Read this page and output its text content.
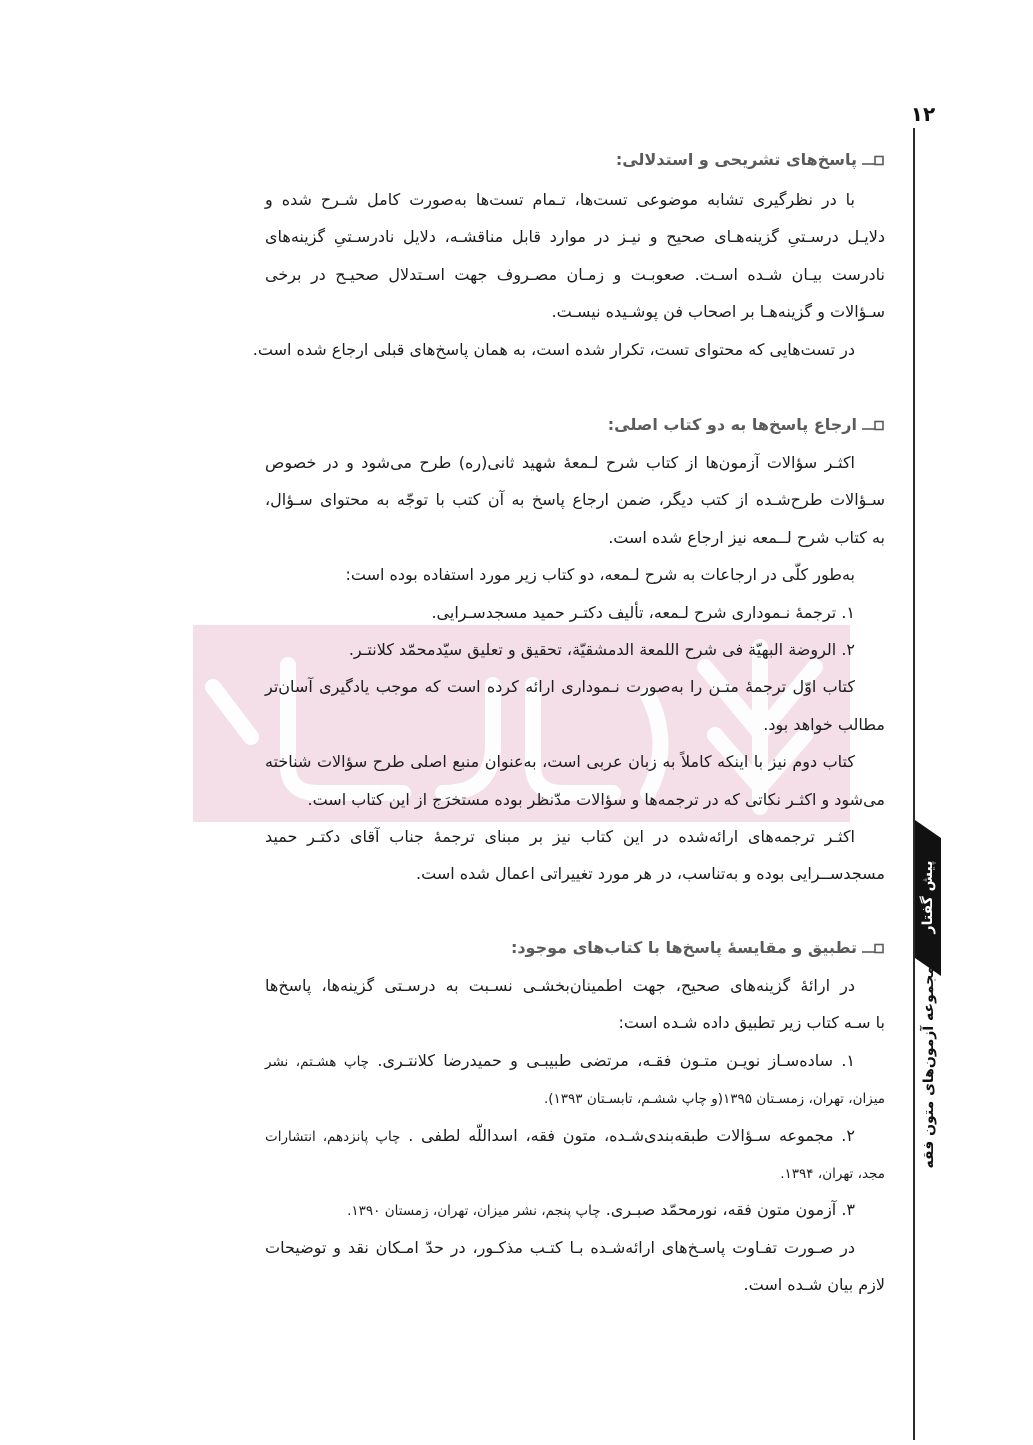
۱۲
پیش گفتار
مجموعه آزمون‌های متون فقه
پاسخ‌های تشریحی و استدلالی:
با در نظرگیری تشابه موضوعی تست‌ها، تـمام تست‌ها به‌صورت کامل شـرح شده و
دلایـل درسـتیِ گزینه‌هـای صحیح و نیـز در موارد قابل مناقشـه، دلایل نادرسـتیِ گزینه‌های
نادرست بیـان شـده اسـت. صعوبـت و زمـان مصـروف جهت اسـتدلال صحیـح در برخی
سـؤالات و گزینه‌هـا بر اصحاب فن پوشـیده نیسـت.
در تست‌هایی که محتوای تست، تکرار شده است، به همان پاسخ‌های قبلی ارجاع شده است.
ارجاع پاسخ‌ها به دو کتاب اصلی:
اکثـر سؤالات آزمون‌ها از کتاب شرح لـمعهٔ شهید ثانی(ره) طرح می‌شود و در خصوص
سـؤالات طرح‌شـده از کتب دیگر، ضمن ارجاع پاسخ به آن کتب با توجّه به محتوای سـؤال،
به کتاب شرح لــمعه نیز ارجاع شده است.
به‌طور کلّی در ارجاعات به شرح لـمعه، دو کتاب زیر مورد استفاده بوده است:
۱. ترجمهٔ نـموداری شرح لـمعه، تألیف دکتـر حمید مسجدسـرایی.
۲. الروضة البهیّة فی شرح اللمعة الدمشقیّة، تحقیق و تعلیق سیّدمحمّد کلانتـر.
کتاب اوّل ترجمهٔ متـن را به‌صورت نـموداری ارائه کرده است که موجب یادگیری آسان‌تر
مطالب خواهد بود.
کتاب دوم نیز با اینکه کاملاً به زبان عربی است، به‌عنوان منبع اصلی طرح سؤالات شناخته
می‌شود و اکثـر نکاتی که در ترجمه‌ها و سؤالات مدّنظر بوده مستخرَج از این کتاب است.
اکثـر ترجمه‌های ارائه‌شده در این کتاب نیز بر مبنای ترجمهٔ جناب آقای دکتـر حمید
مسجدســرایی بوده و به‌تناسب، در هر مورد تغییراتی اعمال شده است.
تطبیق و مقایسهٔ پاسخ‌ها با کتاب‌های موجود:
در ارائهٔ گزینه‌های صحیح، جهت اطمینان‌بخشـی نسـبت به درسـتی گزینه‌ها، پاسخ‌ها
با سـه کتاب زیر تطبیق داده شـده است:
۱. ساده‌سـاز نویـن متـون فقـه، مرتضی طبیبـی و حمیدرضا کلانتـری. چاپ هشـتم، نشر
میزان، تهران، زمسـتان ۱۳۹۵(و چاپ ششـم، تابسـتان ۱۳۹۳).
۲. مجموعه سـؤالات طبقه‌بندی‌شـده، متون فقه، اسداللّه لطفی . چاپ پانزدهم، انتشارات
مجد، تهران، ۱۳۹۴.
۳. آزمون متون فقه، نورمحمّد صبـری. چاپ پنجم، نشر میزان، تهران، زمستان ۱۳۹۰.
در صـورت تفـاوت پاسـخ‌های ارائه‌شـده بـا کتـب مذکـور، در حدّ امـکان نقد و توضیحات
لازم بیان شـده است.
